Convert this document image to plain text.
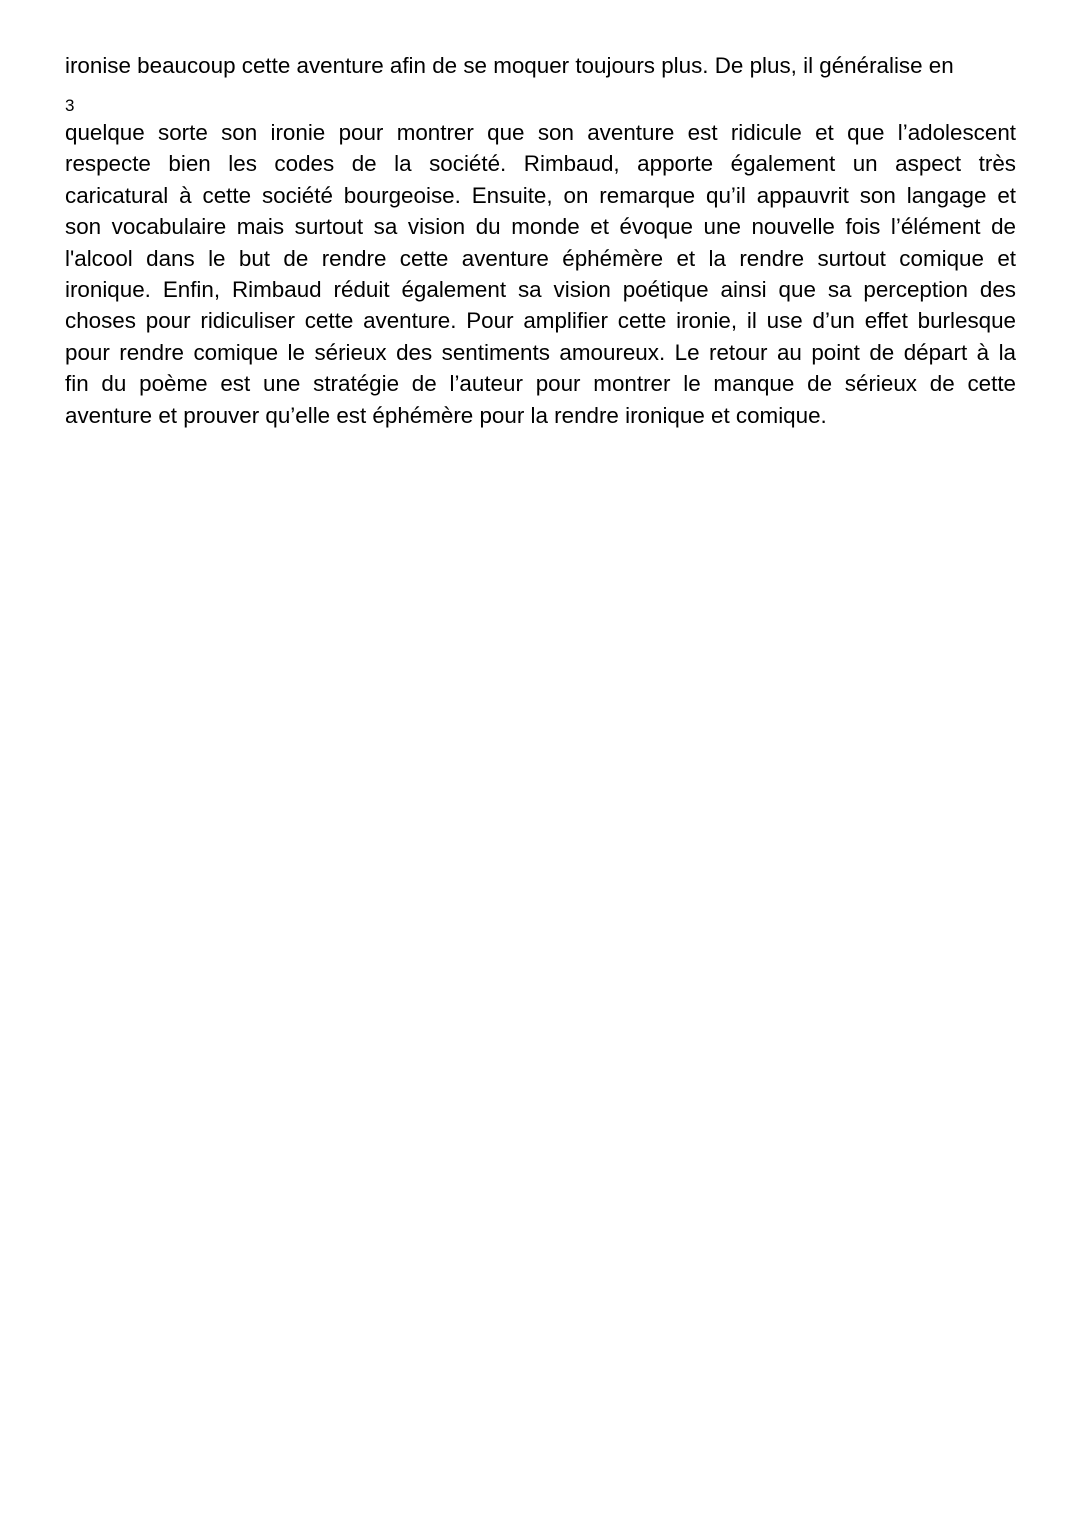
ironise beaucoup cette aventure afin de se moquer toujours plus. De plus, il généralise en
3

quelque sorte son ironie pour montrer que son aventure est ridicule et que l’adolescent
respecte bien les codes de la société. Rimbaud, apporte également un aspect très
caricatural à cette société bourgeoise. Ensuite, on remarque qu’il appauvrit son langage et
son vocabulaire mais surtout sa vision du monde et évoque une nouvelle fois l’élément de
l'alcool dans le but de rendre cette aventure éphémère et la rendre surtout comique et
ironique. Enfin, Rimbaud réduit également sa vision poétique ainsi que sa perception des
choses pour ridiculiser cette aventure. Pour amplifier cette ironie, il use d’un effet burlesque
pour rendre comique le sérieux des sentiments amoureux. Le retour au point de départ à la
fin du poème est une stratégie de l’auteur pour montrer le manque de sérieux de cette
aventure et prouver qu’elle est éphémère pour la rendre ironique et comique.
